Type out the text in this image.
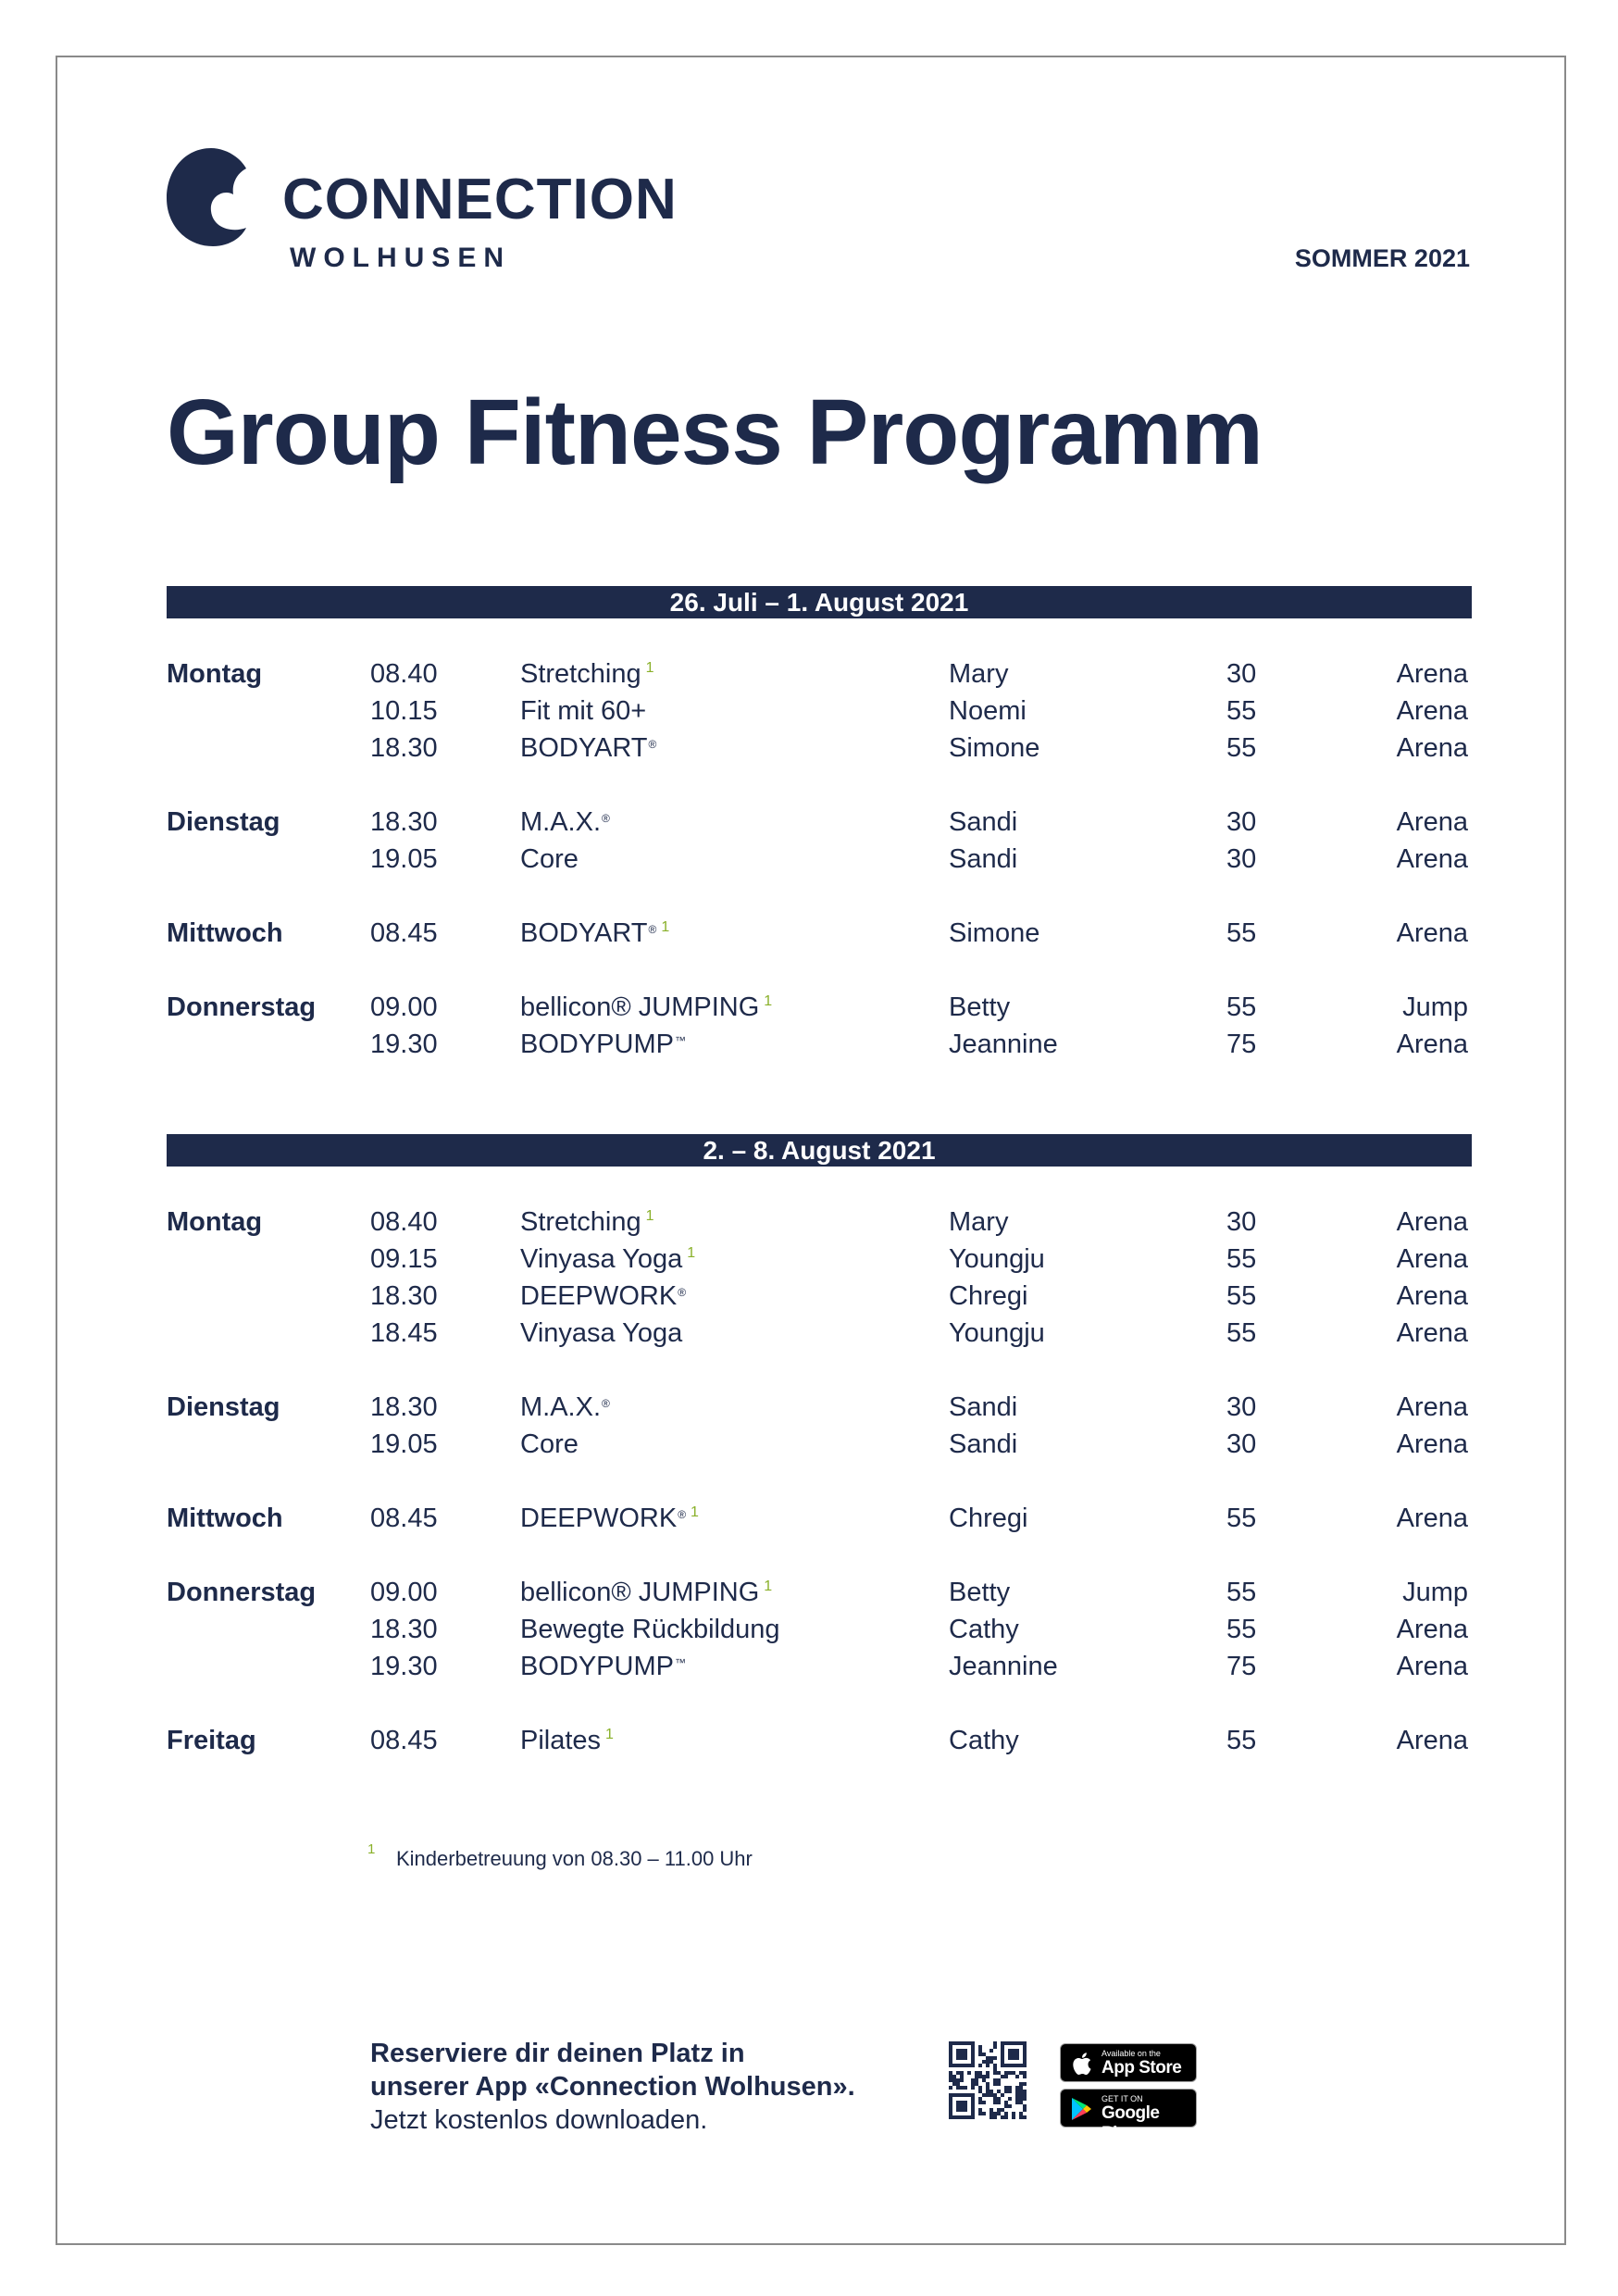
CONNECTION
WOLHUSEN	SOMMER 2021
Group Fitness Programm
26. Juli – 1. August 2021
Montag	08.40	Stretching $^1$	Mary	30	Arena
10.15	Fit mit 60+	Noemi	55	Arena
18.30	BODYART®	Simone	55	Arena
Dienstag	18.30	M.A.X.®	Sandi	30	Arena
19.05	Core	Sandi	30	Arena
Mittwoch	08.45	BODYART® $^1$	Simone	55	Arena
Donnerstag 09.00	bellicon® JUMPING $^1$	Betty	55	Jump
19.30	BODYPUMP™	Jeannine	75	Arena
2. – 8. August 2021
Montag	08.40	Stretching $^1$	Mary	30	Arena
09.15	Vinyasa Yoga $^1$	Youngju	55	Arena
18.30	DEEPWORK®	Chregi	55	Arena
18.45	Vinyasa Yoga	Youngju	55	Arena
Dienstag	18.30	M.A.X.®	Sandi	30	Arena
19.05	Core	Sandi	30	Arena
Mittwoch	08.45	DEEPWORK® $^1$	Chregi	55	Arena
Donnerstag 09.00	bellicon® JUMPING $^1$	Betty	55	Jump
18.30	Bewegte Rückbildung	Cathy	55	Arena
19.30	BODYPUMP™	Jeannine	75	Arena
Freitag	08.45	Pilates $^1$	Cathy	55	Arena
1 Kinderbetreuung von 08.30 – 11.00 Uhr
Reserviere dir deinen Platz in
unserer App «Connection Wolhusen».
Jetzt kostenlos downloaden.
Available on the
App Store
GET IT ON
Google Play
